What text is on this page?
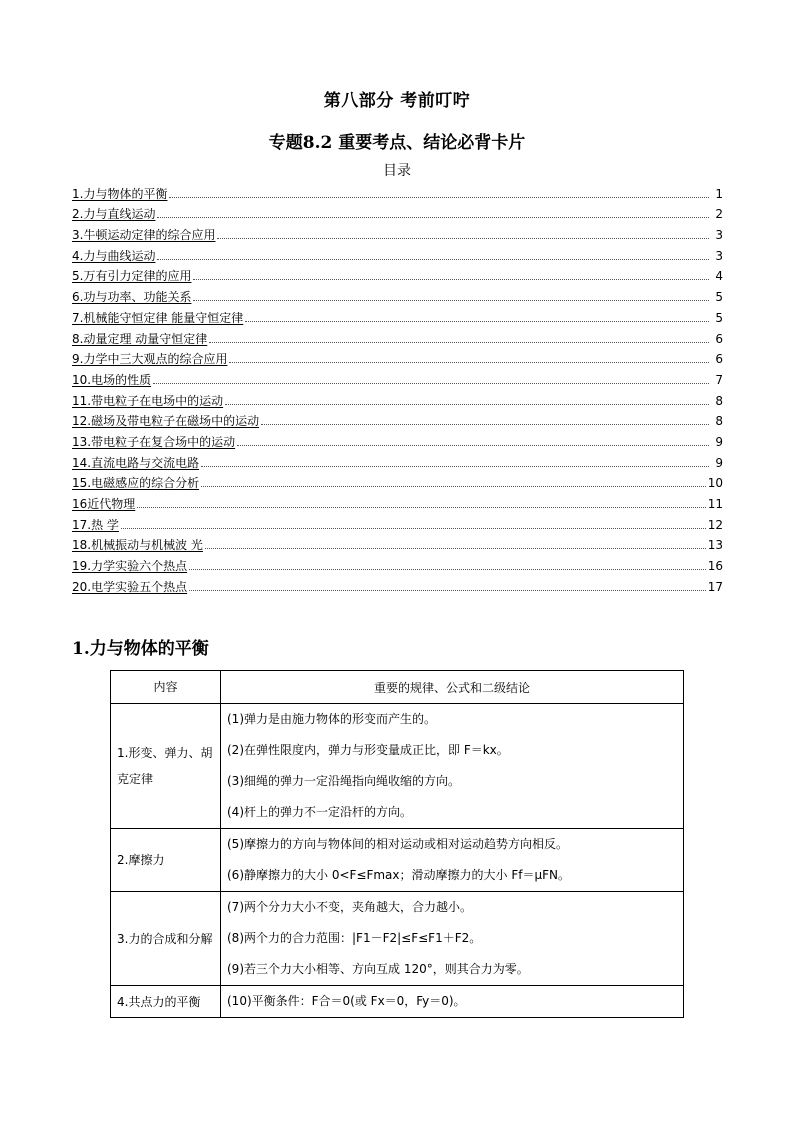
第八部分 考前叮咛
专题8.2 重要考点、结论必背卡片
目录
1.力与物体的平衡	1
2.力与直线运动	2
3.牛顿运动定律的综合应用	3
4.力与曲线运动	3
5.万有引力定律的应用	4
6.功与功率、功能关系	5
7.机械能守恒定律 能量守恒定律	5
8.动量定理 动量守恒定律	6
9.力学中三大观点的综合应用	6
10.电场的性质	7
11.带电粒子在电场中的运动	8
12.磁场及带电粒子在磁场中的运动	8
13.带电粒子在复合场中的运动	9
14.直流电路与交流电路	9
15.电磁感应的综合分析	10
16近代物理	11
17.热 学	12
18.机械振动与机械波 光	13
19.力学实验六个热点	16
20.电学实验五个热点	17
1.力与物体的平衡
内容	重要的规律、公式和二级结论
1.形变、弹力、胡克定律	(1)弹力是由施力物体的形变而产生的。
(2)在弹性限度内，弹力与形变量成正比，即 F＝kx。
(3)细绳的弹力一定沿绳指向绳收缩的方向。
(4)杆上的弹力不一定沿杆的方向。

2.摩擦力	(5)摩擦力的方向与物体间的相对运动或相对运动趋势方向相反。
(6)静摩擦力的大小 0<F≤Fmax；滑动摩擦力的大小 Ff＝μFN。

3.力的合成和分解	(7)两个分力大小不变，夹角越大，合力越小。
(8)两个力的合力范围：|F1－F2|≤F≤F1＋F2。
(9)若三个力大小相等、方向互成 120°，则其合力为零。

4.共点力的平衡	(10)平衡条件：F合＝0(或 Fx＝0，Fy＝0)。
